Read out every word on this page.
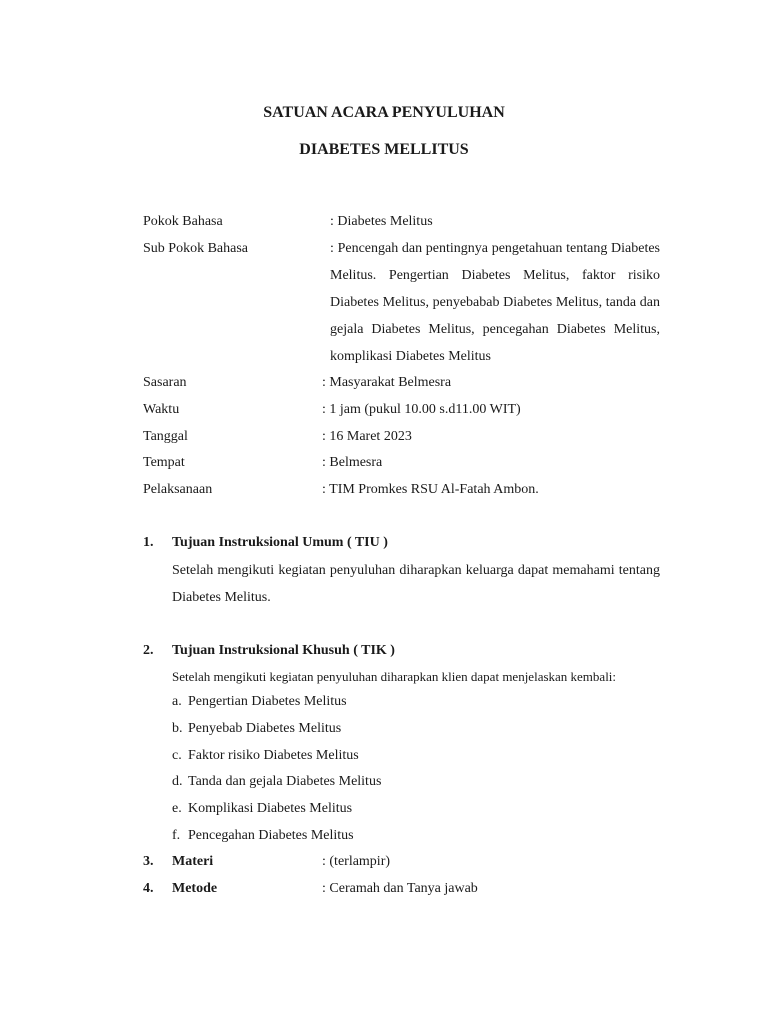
SATUAN ACARA PENYULUHAN
DIABETES MELLITUS
Pokok Bahasa	: Diabetes Melitus
Sub Pokok Bahasa	: Pencengah dan pentingnya pengetahuan tentang Diabetes Melitus. Pengertian Diabetes Melitus, faktor risiko Diabetes Melitus, penyebabab Diabetes Melitus, tanda dan gejala Diabetes Melitus, pencegahan Diabetes Melitus, komplikasi Diabetes Melitus
Sasaran	: Masyarakat Belmesra
Waktu	: 1 jam (pukul 10.00 s.d11.00 WIT)
Tanggal	: 16 Maret 2023
Tempat	: Belmesra
Pelaksanaan	: TIM Promkes RSU Al-Fatah Ambon.
1. Tujuan Instruksional Umum ( TIU )
Setelah mengikuti kegiatan penyuluhan diharapkan keluarga dapat memahami tentang Diabetes Melitus.
2. Tujuan Instruksional Khusuh ( TIK )
Setelah mengikuti kegiatan penyuluhan diharapkan klien dapat menjelaskan kembali:
a. Pengertian Diabetes Melitus
b. Penyebab Diabetes Melitus
c. Faktor risiko Diabetes Melitus
d. Tanda dan gejala Diabetes Melitus
e. Komplikasi Diabetes Melitus
f. Pencegahan Diabetes Melitus
3. Materi	: (terlampir)
4. Metode	: Ceramah dan Tanya jawab
